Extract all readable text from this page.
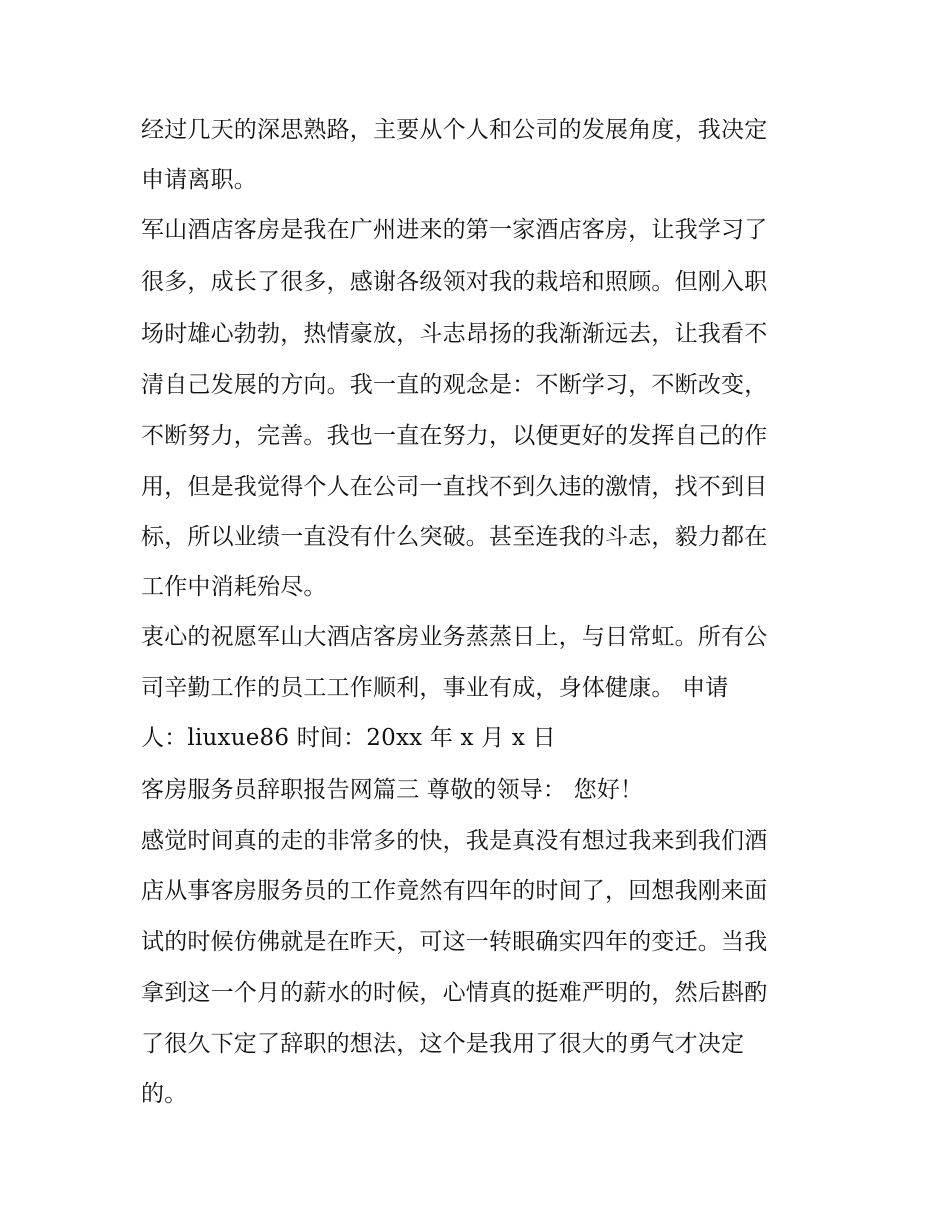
经过几天的深思熟路，主要从个人和公司的发展角度，我决定
申请离职。
军山酒店客房是我在广州进来的第一家酒店客房，让我学习了
很多，成长了很多，感谢各级领对我的栽培和照顾。但刚入职
场时雄心勃勃，热情豪放，斗志昂扬的我渐渐远去，让我看不
清自己发展的方向。我一直的观念是：不断学习，不断改变，
不断努力，完善。我也一直在努力，以便更好的发挥自己的作
用，但是我觉得个人在公司一直找不到久违的激情，找不到目
标，所以业绩一直没有什么突破。甚至连我的斗志，毅力都在
工作中消耗殆尽。
衷心的祝愿军山大酒店客房业务蒸蒸日上，与日常虹。所有公
司辛勤工作的员工工作顺利，事业有成，身体健康。 申请
人：liuxue86 时间：20xx 年 x 月 x 日
客房服务员辞职报告网篇三 尊敬的领导： 您好！
感觉时间真的走的非常多的快，我是真没有想过我来到我们酒
店从事客房服务员的工作竟然有四年的时间了，回想我刚来面
试的时候仿佛就是在昨天，可这一转眼确实四年的变迁。当我
拿到这一个月的薪水的时候，心情真的挺难严明的，然后斟酌
了很久下定了辞职的想法，这个是我用了很大的勇气才决定
的。
